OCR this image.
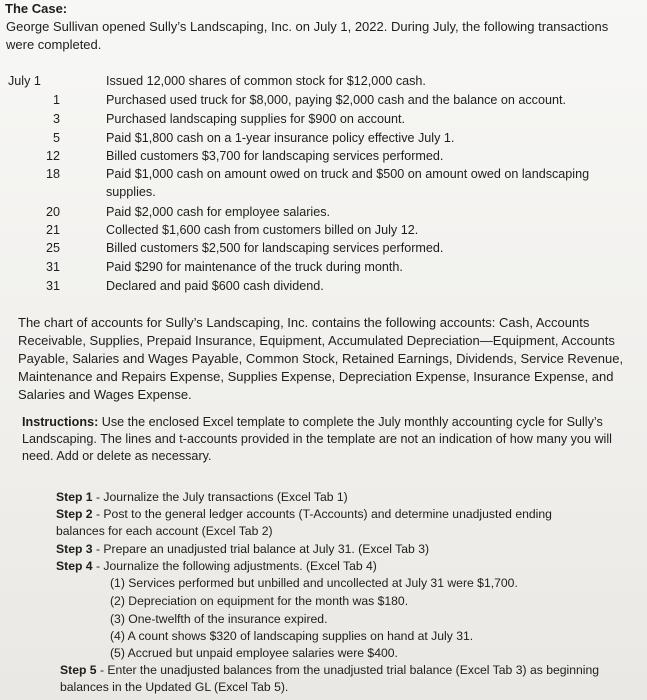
The Case:
George Sullivan opened Sully’s Landscaping, Inc. on July 1, 2022. During July, the following transactions were completed.
July 1	Issued 12,000 shares of common stock for $12,000 cash.
1	Purchased used truck for $8,000, paying $2,000 cash and the balance on account.
3	Purchased landscaping supplies for $900 on account.
5	Paid $1,800 cash on a 1-year insurance policy effective July 1.
12	Billed customers $3,700 for landscaping services performed.
18	Paid $1,000 cash on amount owed on truck and $500 on amount owed on landscaping supplies.
20	Paid $2,000 cash for employee salaries.
21	Collected $1,600 cash from customers billed on July 12.
25	Billed customers $2,500 for landscaping services performed.
31	Paid $290 for maintenance of the truck during month.
31	Declared and paid $600 cash dividend.
The chart of accounts for Sully’s Landscaping, Inc. contains the following accounts: Cash, Accounts Receivable, Supplies, Prepaid Insurance, Equipment, Accumulated Depreciation—Equipment, Accounts Payable, Salaries and Wages Payable, Common Stock, Retained Earnings, Dividends, Service Revenue, Maintenance and Repairs Expense, Supplies Expense, Depreciation Expense, Insurance Expense, and Salaries and Wages Expense.
Instructions: Use the enclosed Excel template to complete the July monthly accounting cycle for Sully’s Landscaping. The lines and t-accounts provided in the template are not an indication of how many you will need. Add or delete as necessary.
Step 1 - Journalize the July transactions (Excel Tab 1)
Step 2 - Post to the general ledger accounts (T-Accounts) and determine unadjusted ending
balances for each account (Excel Tab 2)
Step 3 - Prepare an unadjusted trial balance at July 31. (Excel Tab 3)
Step 4 - Journalize the following adjustments. (Excel Tab 4)
(1) Services performed but unbilled and uncollected at July 31 were $1,700.
(2) Depreciation on equipment for the month was $180.
(3) One-twelfth of the insurance expired.
(4) A count shows $320 of landscaping supplies on hand at July 31.
(5) Accrued but unpaid employee salaries were $400.
Step 5 - Enter the unadjusted balances from the unadjusted trial balance (Excel Tab 3) as beginning balances in the Updated GL (Excel Tab 5).
